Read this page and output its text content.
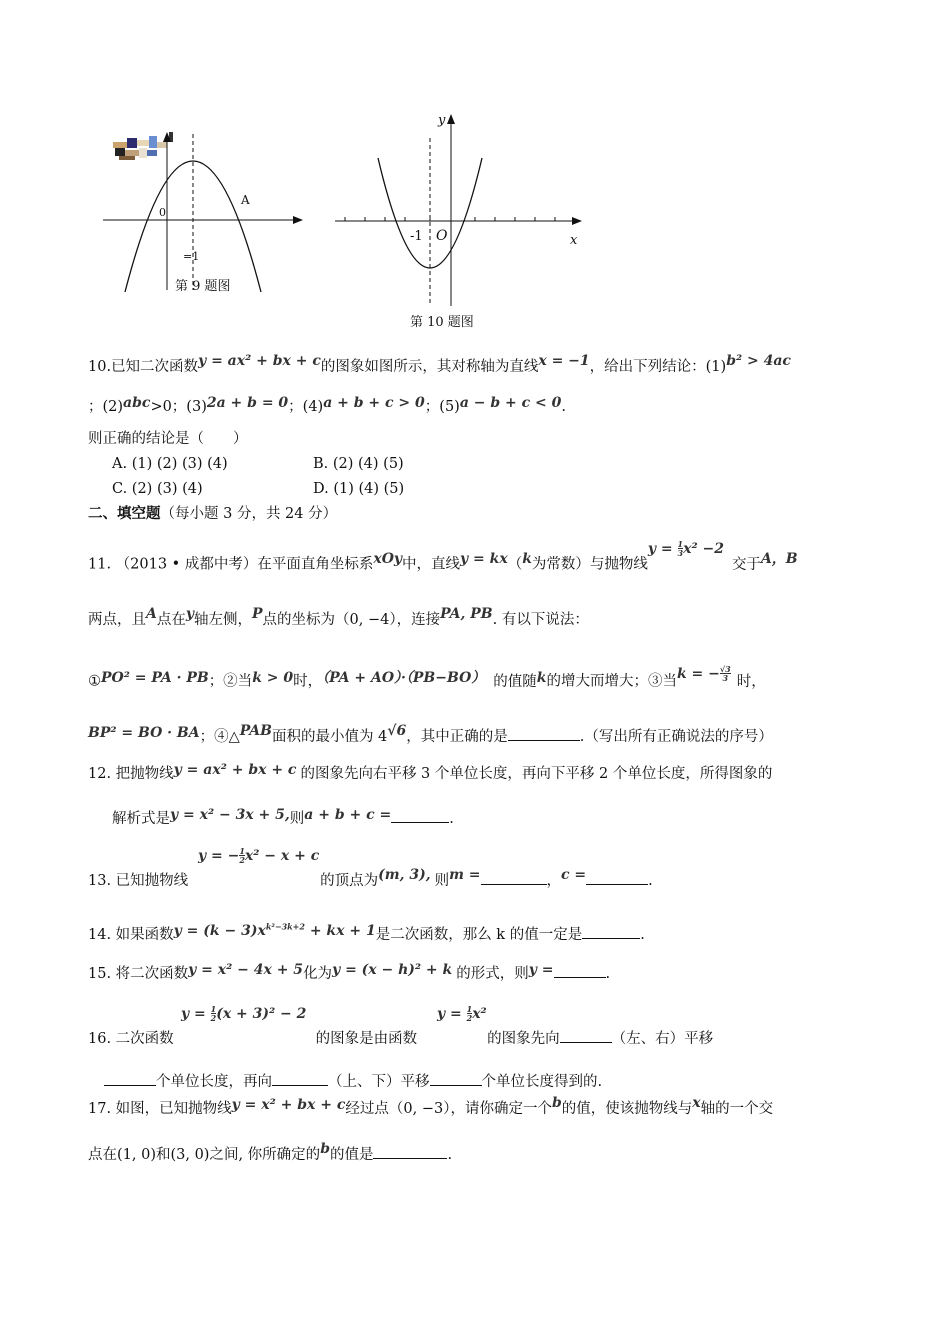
0
A
=1
第 9 题图
y
x
-1 O
第 10 题图
10.已知二次函数y = ax² + bx + c的图象如图所示，其对称轴为直线x = −1，给出下列结论：(1)b² > 4ac
；(2)abc>0；(3)2a + b = 0；(4)a + b + c > 0；(5)a − b + c < 0.
则正确的结论是（　　）
A. (1) (2) (3) (4)	B. (2) (4) (5)
C. (2) (3) (4)	D. (1) (4) (5)
二、填空题（每小题 3 分，共 24 分）
11. （2013 • 成都中考）在平面直角坐标系xOy中，直线y = kx（k为常数）与抛物线$y = \frac{1}{3} x^2 -2$交于A，B
两点，且A点在y轴左侧，P点的坐标为（0, −4），连接PA, PB. 有以下说法：
①PO² = PA · PB；②当k > 0时，（PA + AO）·（PB−BO） 的值随k的增大而增大；③当k = − $\frac{√3}{3}$ 时，
BP² = BO · BA；④△PAB面积的最小值为 4√6，其中正确的是	.（写出所有正确说法的序号）
12. 把抛物线y = ax² + bx + c 的图象先向右平移 3 个单位长度，再向下平移 2 个单位长度，所得图象的
解析式是y = x² − 3x + 5,则a + b + c =	.
y = − $\frac{1}{2} x^2 - x + c$
13. 已知抛物线	的顶点为(m, 3), 则m =	，c =	.
14. 如果函数$y = (k - 3)x^{k^2-3k+2}$ + kx + 1是二次函数，那么 k 的值一定是	.
15. 将二次函数y = x² − 4x + 5化为y = (x − h)² + k 的形式，则y =	.
$y = \frac{1}{2} (x + 3)^2 - 2$	$y = \frac{1}{2} x^2$
16. 二次函数	的图象是由函数	的图象先向	（左、右）平移
个单位长度，再向	（上、下）平移	个单位长度得到的.
17. 如图，已知抛物线y = x² + bx + c经过点（0, −3），请你确定一个b的值，使该抛物线与x轴的一个交
点在(1, 0)和(3, 0)之间, 你所确定的b的值是	.
